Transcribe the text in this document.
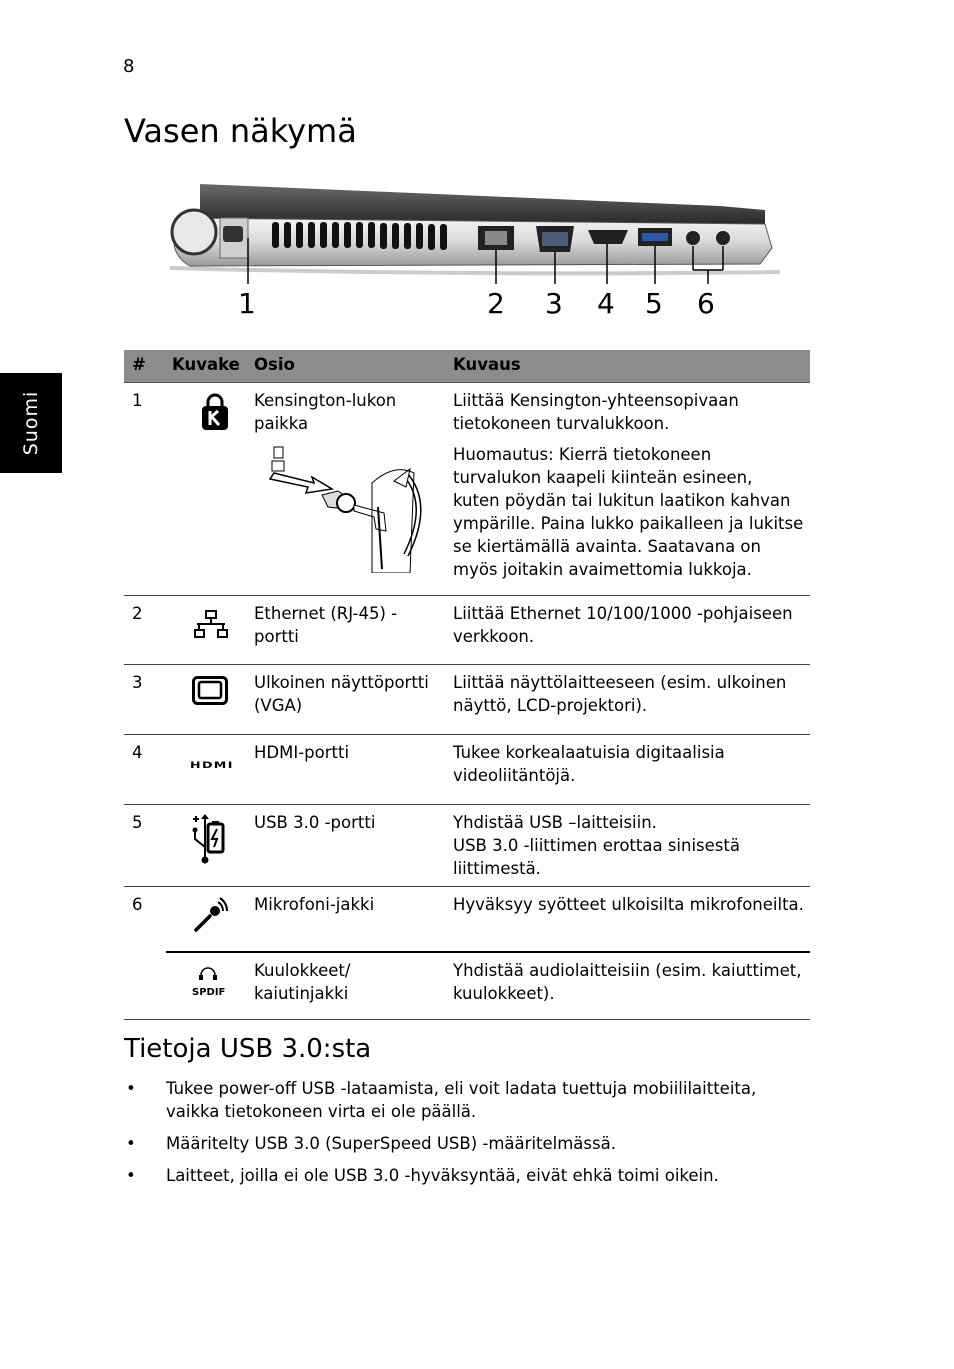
8
Vasen näkymä
Suomi
1	2 3 4 5 6
#	Kuvake	Osio	Kuvaus
1		Kensington-lukon paikka	Liittää Kensington-yhteensopivaan tietokoneen turvalukkoon.

Huomautus: Kierrä tietokoneen turvalukon kaapeli kiinteän esineen, kuten pöydän tai lukitun laatikon kahvan ympärille. Paina lukko paikalleen ja lukitse se kiertämällä avainta. Saatavana on myös joitakin avaimettomia lukkoja.

2		Ethernet (RJ-45) -portti	Liittää Ethernet 10/100/1000 -pohjaiseen verkkoon.
3		Ulkoinen näyttöportti (VGA)	Liittää näyttölaitteeseen (esim. ulkoinen näyttö, LCD-projektori).
4	HDMI	HDMI-portti	Tukee korkealaatuisia digitaalisia videoliitäntöjä.
5		USB 3.0 -portti	Yhdistää USB –laitteisiin.
USB 3.0 -liittimen erottaa sinisestä liittimestä.

6		Mikrofoni-jakki	Hyväksyy syötteet ulkoisilta mikrofoneilta.

	SPDIF	Kuulokkeet/ kaiutinjakki	Yhdistää audiolaitteisiin (esim. kaiuttimet, kuulokkeet).
Tietoja USB 3.0:sta
• Tukee power-off USB -lataamista, eli voit ladata tuettuja mobiililaitteita, vaikka tietokoneen virta ei ole päällä.
• Määritelty USB 3.0 (SuperSpeed USB) -määritelmässä.
• Laitteet, joilla ei ole USB 3.0 -hyväksyntää, eivät ehkä toimi oikein.
